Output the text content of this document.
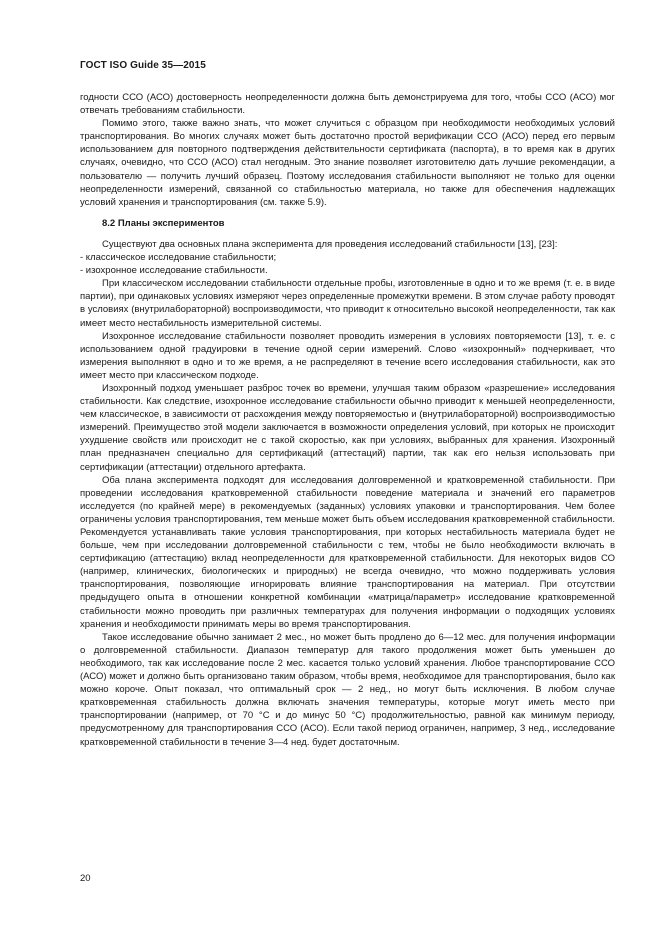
ГОСТ ISO Guide 35—2015

годности ССО (АСО) достоверность неопределенности должна быть демонстрируема для того, чтобы ССО (АСО) мог отвечать требованиям стабильности.

Помимо этого, также важно знать, что может случиться с образцом при необходимости необходимых условий транспортирования. Во многих случаях может быть достаточно простой верификации ССО (АСО) перед его первым использованием для повторного подтверждения действительности сертификата (паспорта), в то время как в других случаях, очевидно, что ССО (АСО) стал негодным. Это знание позволяет изготовителю дать лучшие рекомендации, а пользователю — получить лучший образец. Поэтому исследования стабильности выполняют не только для оценки неопределенности измерений, связанной со стабильностью материала, но также для обеспечения надлежащих условий хранения и транспортирования (см. также 5.9).

8.2 Планы экспериментов

Существуют два основных плана эксперимента для проведения исследований стабильности [13], [23]:

- классическое исследование стабильности;

- изохронное исследование стабильности.

При классическом исследовании стабильности отдельные пробы, изготовленные в одно и то же время (т. е. в виде партии), при одинаковых условиях измеряют через определенные промежутки времени. В этом случае работу проводят в условиях (внутрилабораторной) воспроизводимости, что приводит к относительно высокой неопределенности, так как имеет место нестабильность измерительной системы.

Изохронное исследование стабильности позволяет проводить измерения в условиях повторяемости [13], т. е. с использованием одной градуировки в течение одной серии измерений. Слово «изохронный» подчеркивает, что измерения выполняют в одно и то же время, а не распределяют в течение всего исследования стабильности, как это имеет место при классическом подходе.

Изохронный подход уменьшает разброс точек во времени, улучшая таким образом «разрешение» исследования стабильности. Как следствие, изохронное исследование стабильности обычно приводит к меньшей неопределенности, чем классическое, в зависимости от расхождения между повторяемостью и (внутрилабораторной) воспроизводимостью измерений. Преимущество этой модели заключается в возможности определения условий, при которых не происходит ухудшение свойств или происходит не с такой скоростью, как при условиях, выбранных для хранения. Изохронный план предназначен специально для сертификаций (аттестаций) партии, так как его нельзя использовать при сертификации (аттестации) отдельного артефакта.

Оба плана эксперимента подходят для исследования долговременной и кратковременной стабильности. При проведении исследования кратковременной стабильности поведение материала и значений его параметров исследуется (по крайней мере) в рекомендуемых (заданных) условиях упаковки и транспортирования. Чем более ограничены условия транспортирования, тем меньше может быть объем исследования кратковременной стабильности. Рекомендуется устанавливать такие условия транспортирования, при которых нестабильность материала будет не больше, чем при исследовании долговременной стабильности с тем, чтобы не было необходимости включать в сертификацию (аттестацию) вклад неопределенности для кратковременной стабильности. Для некоторых видов СО (например, клинических, биологических и природных) не всегда очевидно, что можно поддерживать условия транспортирования, позволяющие игнорировать влияние транспортирования на материал. При отсутствии предыдущего опыта в отношении конкретной комбинации «матрица/параметр» исследование кратковременной стабильности можно проводить при различных температурах для получения информации о подходящих условиях хранения и необходимости принимать меры во время транспортирования.

Такое исследование обычно занимает 2 мес., но может быть продлено до 6—12 мес. для получения информации о долговременной стабильности. Диапазон температур для такого продолжения может быть уменьшен до необходимого, так как исследование после 2 мес. касается только условий хранения. Любое транспортирование ССО (АСО) может и должно быть организовано таким образом, чтобы время, необходимое для транспортирования, было как можно короче. Опыт показал, что оптимальный срок — 2 нед., но могут быть исключения. В любом случае кратковременная стабильность должна включать значения температуры, которые могут иметь место при транспортировании (например, от 70 °С и до минус 50 °С) продолжительностью, равной как минимум периоду, предусмотренному для транспортирования ССО (АСО). Если такой период ограничен, например, 3 нед., исследование кратковременной стабильности в течение 3—4 нед. будет достаточным.

20
